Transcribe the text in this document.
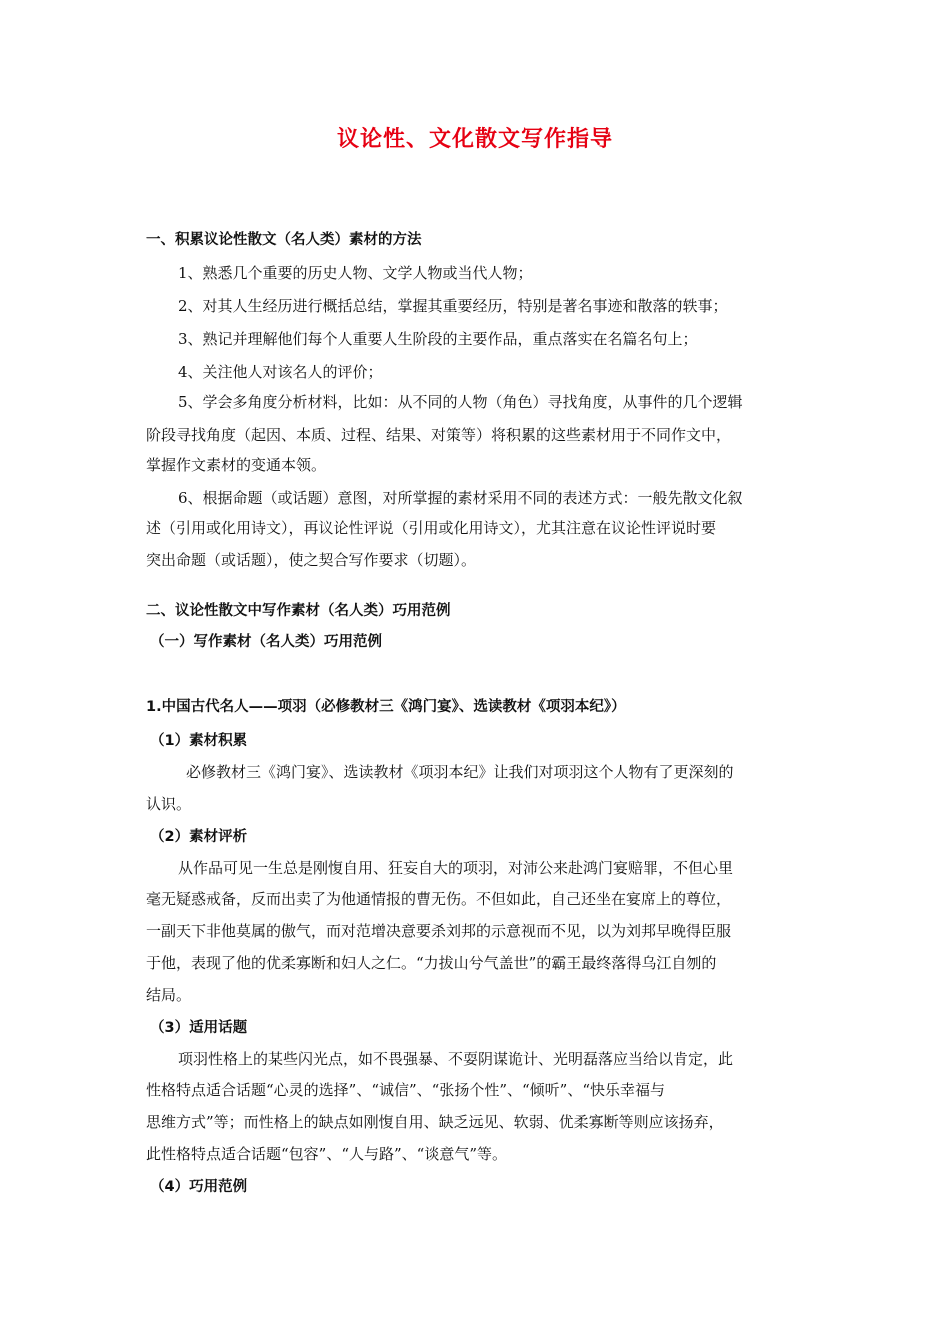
议论性、文化散文写作指导
一、积累议论性散文（名人类）素材的方法
1、熟悉几个重要的历史人物、文学人物或当代人物；
2、对其人生经历进行概括总结，掌握其重要经历，特别是著名事迹和散落的轶事；
3、熟记并理解他们每个人重要人生阶段的主要作品，重点落实在名篇名句上；
4、关注他人对该名人的评价；
5、学会多角度分析材料，比如：从不同的人物（角色）寻找角度，从事件的几个逻辑
阶段寻找角度（起因、本质、过程、结果、对策等）将积累的这些素材用于不同作文中，
掌握作文素材的变通本领。
6、根据命题（或话题）意图，对所掌握的素材采用不同的表述方式：一般先散文化叙
述（引用或化用诗文），再议论性评说（引用或化用诗文），尤其注意在议论性评说时要
突出命题（或话题），使之契合写作要求（切题）。
二、议论性散文中写作素材（名人类）巧用范例
（一）写作素材（名人类）巧用范例
1.中国古代名人——项羽（必修教材三《鸿门宴》、选读教材《项羽本纪》）
（1）素材积累
必修教材三《鸿门宴》、选读教材《项羽本纪》让我们对项羽这个人物有了更深刻的
认识。
（2）素材评析
从作品可见一生总是刚愎自用、狂妄自大的项羽，对沛公来赴鸿门宴赔罪，不但心里
毫无疑惑戒备，反而出卖了为他通情报的曹无伤。不但如此，自己还坐在宴席上的尊位，
一副天下非他莫属的傲气，而对范增决意要杀刘邦的示意视而不见，以为刘邦早晚得臣服
于他，表现了他的优柔寡断和妇人之仁。“力拔山兮气盖世”的霸王最终落得乌江自刎的
结局。
（3）适用话题
项羽性格上的某些闪光点，如不畏强暴、不耍阴谋诡计、光明磊落应当给以肯定，此
性格特点适合话题“心灵的选择”、“诚信”、“张扬个性”、“倾听”、“快乐幸福与
思维方式”等；而性格上的缺点如刚愎自用、缺乏远见、软弱、优柔寡断等则应该扬弃，
此性格特点适合话题“包容”、“人与路”、“谈意气”等。
（4）巧用范例
